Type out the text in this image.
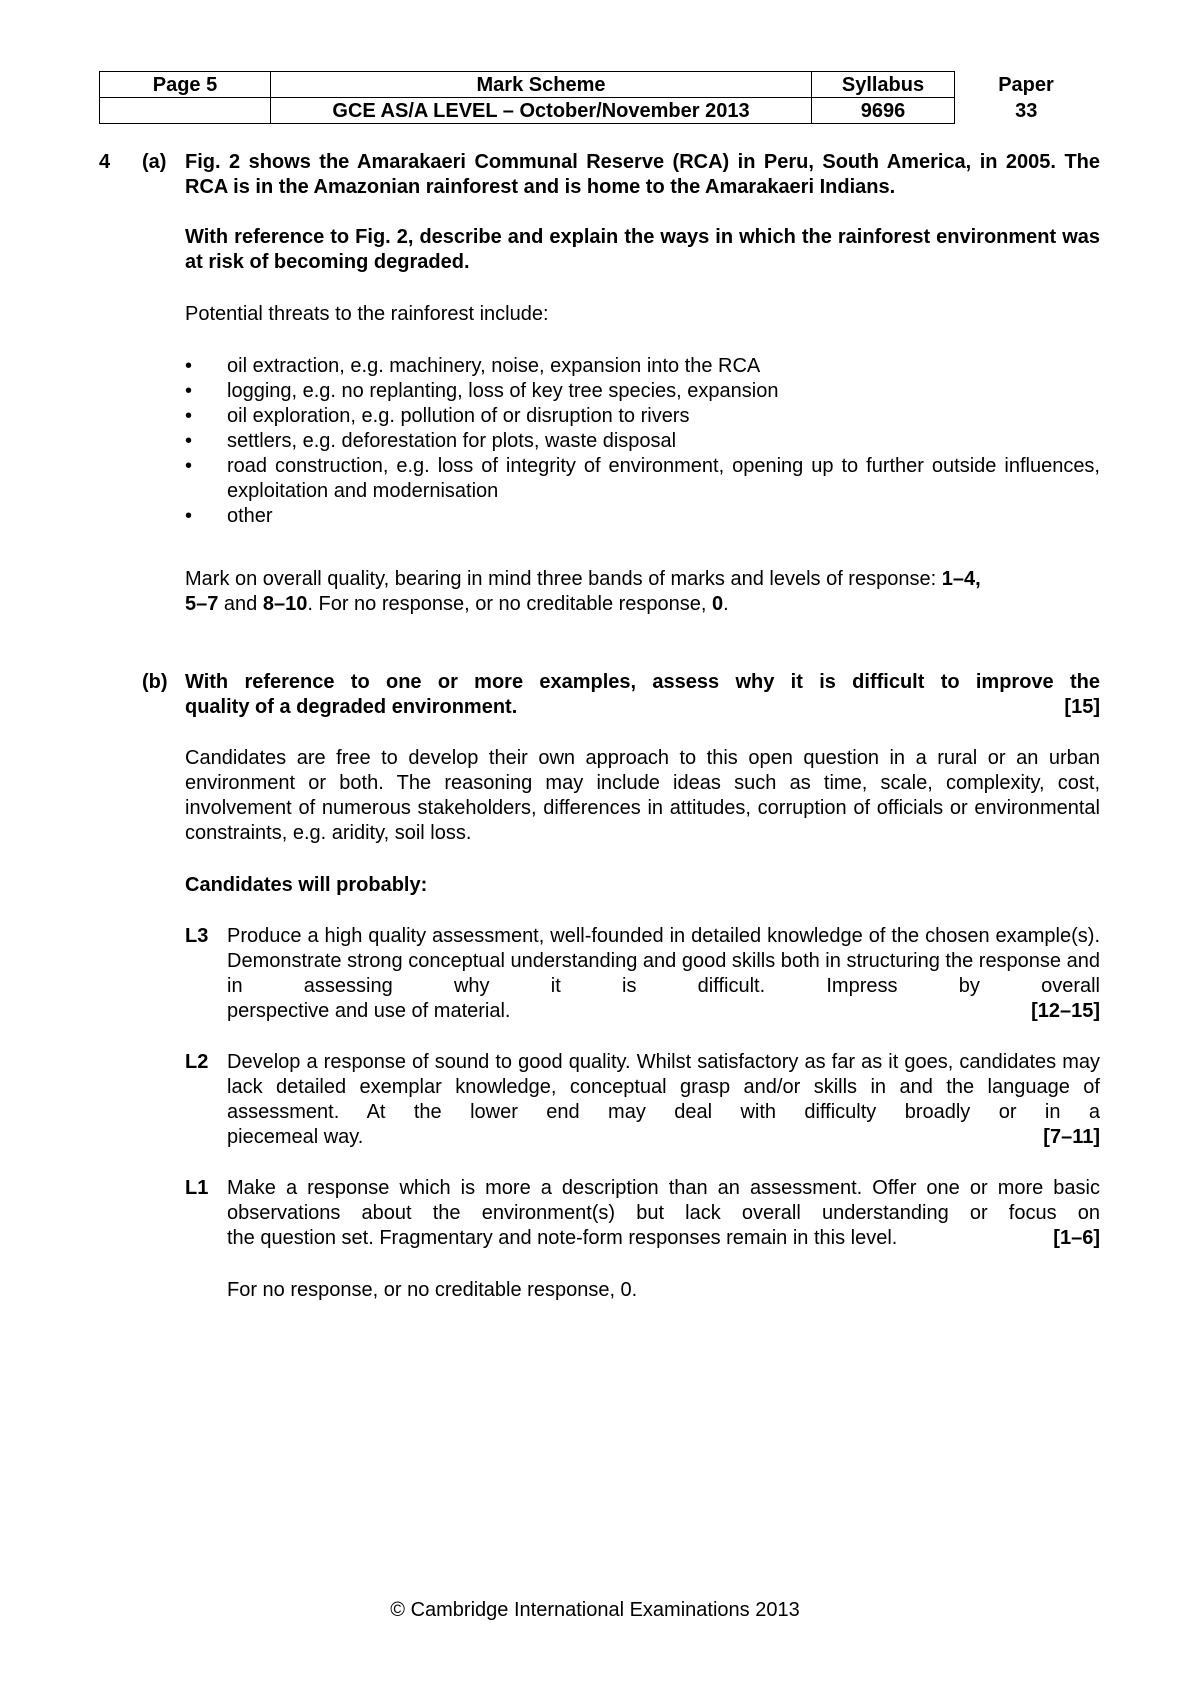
Page 5	Mark Scheme	Syllabus	Paper
	GCE AS/A LEVEL – October/November 2013	9696	33
4 (a) Fig. 2 shows the Amarakaeri Communal Reserve (RCA) in Peru, South America, in 2005. The RCA is in the Amazonian rainforest and is home to the Amarakaeri Indians.
With reference to Fig. 2, describe and explain the ways in which the rainforest environment was at risk of becoming degraded.
Potential threats to the rainforest include:
• oil extraction, e.g. machinery, noise, expansion into the RCA
• logging, e.g. no replanting, loss of key tree species, expansion
• oil exploration, e.g. pollution of or disruption to rivers
• settlers, e.g. deforestation for plots, waste disposal
• road construction, e.g. loss of integrity of environment, opening up to further outside influences, exploitation and modernisation
• other
Mark on overall quality, bearing in mind three bands of marks and levels of response: 1–4,
5–7 and 8–10. For no response, or no creditable response, 0.
(b) With reference to one or more examples, assess why it is difficult to improve the
quality of a degraded environment.	[15]
Candidates are free to develop their own approach to this open question in a rural or an urban environment or both. The reasoning may include ideas such as time, scale, complexity, cost, involvement of numerous stakeholders, differences in attitudes, corruption of officials or environmental constraints, e.g. aridity, soil loss.
Candidates will probably:
L3 Produce a high quality assessment, well-founded in detailed knowledge of the chosen example(s). Demonstrate strong conceptual understanding and good skills both in structuring the response and in assessing why it is difficult. Impress by overall
perspective and use of material.	[12–15]
L2 Develop a response of sound to good quality. Whilst satisfactory as far as it goes, candidates may lack detailed exemplar knowledge, conceptual grasp and/or skills in and the language of assessment. At the lower end may deal with difficulty broadly or in a
piecemeal way.	[7–11]
L1 Make a response which is more a description than an assessment. Offer one or more basic observations about the environment(s) but lack overall understanding or focus on
the question set. Fragmentary and note-form responses remain in this level.	[1–6]
For no response, or no creditable response, 0.
© Cambridge International Examinations 2013
